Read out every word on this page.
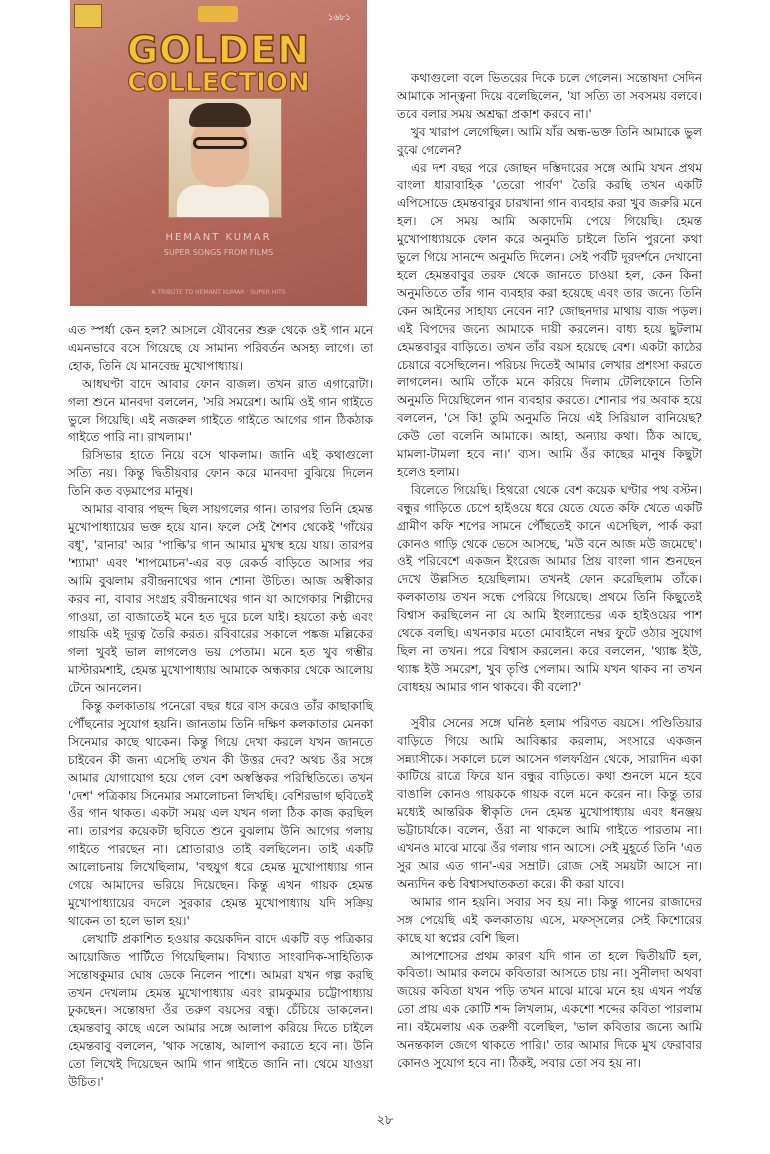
১৬৮১
GOLDEN
COLLECTION
HEMANT KUMAR
SUPER SONGS FROM FILMS
A TRIBUTE TO HEMANT KUMAR · SUPER HITS

এত স্পর্ধা কেন হল? আসলে যৌবনের শুরু থেকে ওই গান মনে এমনভাবে বসে গিয়েছে যে সামান্য পরিবর্তন অসহ্য লাগে। তা হোক, তিনি যে মানবেন্দ্র মুখোপাধ্যায়।

আধঘণ্টা বাদে আবার ফোন বাজল। তখন রাত এগারোটা। গলা শুনে মানবদা বললেন, 'সরি সমরেশ। আমি ওই গান গাইতে ভুলে গিয়েছি। এই নজরুল গাইতে গাইতে আগের গান ঠিকঠাক গাইতে পারি না। রাখলাম।'

রিসিভার হাতে নিয়ে বসে থাকলাম। জানি এই কথাগুলো সত্যি নয়। কিন্তু দ্বিতীয়বার ফোন করে মানবদা বুঝিয়ে দিলেন তিনি কত বড়মাপের মানুষ।

আমার বাবার পছন্দ ছিল সায়গলের গান। তারপর তিনি হেমন্ত মুখোপাধ্যায়ের ভক্ত হয়ে যান। ফলে সেই শৈশব থেকেই 'গাঁয়ের বধূ', 'রানার' আর 'পাল্কি'র গান আমার মুখস্থ হয়ে যায়। তারপর 'শ্যামা' এবং 'শাপমোচন'-এর বড় রেকর্ড বাড়িতে আসার পর আমি বুঝলাম রবীন্দ্রনাথের গান শোনা উচিত। আজ অস্বীকার করব না, বাবার সংগ্রহ রবীন্দ্রনাথের গান যা আগেকার শিল্পীদের গাওয়া, তা বাজাতেই মনে হত দূরে চলে যাই। হয়তো কণ্ঠ এবং গায়কি এই দূরত্ব তৈরি করত। রবিবারের সকালে পঙ্কজ মল্লিকের গলা খুবই ভাল লাগলেও ভয় পেতাম। মনে হত খুব গম্ভীর মাস্টারমশাই, হেমন্ত মুখোপাধ্যায় আমাকে অন্ধকার থেকে আলোয় টেনে আনলেন।

কিন্তু কলকাতায় পনেরো বছর ধরে বাস করেও তাঁর কাছাকাছি পৌঁছনোর সুযোগ হয়নি। জানতাম তিনি দক্ষিণ কলকাতার মেনকা সিনেমার কাছে থাকেন। কিন্তু গিয়ে দেখা করলে যখন জানতে চাইবেন কী জন্য এসেছি তখন কী উত্তর দেব? অথচ ওঁর সঙ্গে আমার যোগাযোগ হয়ে গেল বেশ অস্বস্তিকর পরিস্থিতিতে। তখন 'দেশ' পত্রিকায় সিনেমার সমালোচনা লিখছি। বেশিরভাগ ছবিতেই ওঁর গান থাকত। একটা সময় এল যখন গলা ঠিক কাজ করছিল না। তারপর কয়েকটা ছবিতে শুনে বুঝলাম উনি আগের গলায় গাইতে পারছেন না। শ্রোতারাও তাই বলছিলেন। তাই একটি আলোচনায় লিখেছিলাম, 'বহুযুগ ধরে হেমন্ত মুখোপাধ্যায় গান গেয়ে আমাদের ভরিয়ে দিয়েছেন। কিন্তু এখন গায়ক হেমন্ত মুখোপাধ্যায়ের বদলে সুরকার হেমন্ত মুখোপাধ্যায় যদি সক্রিয় থাকেন তা হলে ভাল হয়।'

লেখাটি প্রকাশিত হওয়ার কয়েকদিন বাদে একটি বড় পত্রিকার আয়োজিত পার্টিতে গিয়েছিলাম। বিখ্যাত সাংবাদিক-সাহিত্যিক সন্তোষকুমার ঘোষ ডেকে নিলেন পাশে। আমরা যখন গল্প করছি তখন দেখলাম হেমন্ত মুখোপাধ্যায় এবং রামকুমার চট্টোপাধ্যায় ঢুকছেন। সন্তোষদা ওঁর তরুণ বয়সের বন্ধু। চেঁচিয়ে ডাকলেন। হেমন্তবাবু কাছে এলে আমার সঙ্গে আলাপ করিয়ে দিতে চাইলে হেমন্তবাবু বললেন, 'থাক সন্তোষ, আলাপ করাতে হবে না। উনি তো লিখেই দিয়েছেন আমি গান গাইতে জানি না। থেমে যাওয়া উচিত।'

কথাগুলো বলে ভিতরের দিকে চলে গেলেন। সন্তোষদা সেদিন আমাকে সান্ত্বনা দিয়ে বলেছিলেন, 'যা সত্যি তা সবসময় বলবে। তবে বলার সময় অশ্রদ্ধা প্রকাশ করবে না।'

খুব খারাপ লেগেছিল। আমি যাঁর অন্ধ-ভক্ত তিনি আমাকে ভুল বুঝে গেলেন?

এর দশ বছর পরে জোছন দস্তিদারের সঙ্গে আমি যখন প্রথম বাংলা ধারাবাহিক 'তেরো পার্বণ' তৈরি করছি তখন একটি এপিসোডে হেমন্তবাবুর চারখানা গান ব্যবহার করা খুব জরুরি মনে হল। সে সময় আমি অকাদেমি পেয়ে গিয়েছি। হেমন্ত মুখোপাধ্যায়কে ফোন করে অনুমতি চাইলে তিনি পুরনো কথা ভুলে গিয়ে সানন্দে অনুমতি দিলেন। সেই পর্বটি দূরদর্শনে দেখানো হলে হেমন্তবাবুর তরফ থেকে জানতে চাওয়া হল, কেন কিনা অনুমতিতে তাঁর গান ব্যবহার করা হয়েছে এবং তার জন্যে তিনি কেন আইনের সাহায্য নেবেন না? জোছনদার মাথায় বাজ পড়ল। এই বিপদের জন্যে আমাকে দায়ী করলেন। বাধ্য হয়ে ছুটলাম হেমন্তবাবুর বাড়িতে। তখন তাঁর বয়স হয়েছে বেশ। একটা কাঠের চেয়ারে বসেছিলেন। পরিচয় দিতেই আমার লেখার প্রশংসা করতে লাগলেন। আমি তাঁকে মনে করিয়ে দিলাম টেলিফোনে তিনি অনুমতি দিয়েছিলেন গান ব্যবহার করতে। শোনার পর অবাক হয়ে বললেন, 'সে কি! তুমি অনুমতি নিয়ে এই সিরিয়াল বানিয়েছ? কেউ তো বলেনি আমাকে। আহা, অন্যায় কথা। ঠিক আছে, মামলা-টামলা হবে না।' ব্যস। আমি ওঁর কাছের মানুষ কিছুটা হলেও হলাম।

বিলেতে গিয়েছি। হিথরো থেকে বেশ কয়েক ঘণ্টার পথ বস্টন। বন্ধুর গাড়িতে চেপে হাইওয়ে ধরে যেতে যেতে কফি খেতে একটি গ্রামীণ কফি শপের সামনে পৌঁছতেই কানে এসেছিল, পার্ক করা কোনও গাড়ি থেকে ভেসে আসছে, 'মউ বনে আজ মউ জমেছে'। ওই পরিবেশে একজন ইংরেজ আমার প্রিয় বাংলা গান শুনছেন দেখে উল্লসিত হয়েছিলাম। তখনই ফোন করেছিলাম তাঁকে। কলকাতায় তখন সন্ধে পেরিয়ে গিয়েছে। প্রথমে তিনি কিছুতেই বিশ্বাস করছিলেন না যে আমি ইংল্যান্ডের এক হাইওয়ের পাশ থেকে বলছি। এখনকার মতো মোবাইলে নম্বর ফুটে ওঠার সুযোগ ছিল না তখন। পরে বিশ্বাস করলেন। করে বললেন, 'থ্যাঙ্ক ইউ, থ্যাঙ্ক ইউ সমরেশ, খুব তৃপ্তি পেলাম। আমি যখন থাকব না তখন বোধহয় আমার গান থাকবে। কী বলো?'

সুবীর সেনের সঙ্গে ঘনিষ্ঠ হলাম পরিণত বয়সে। পণ্ডিতিয়ার বাড়িতে গিয়ে আমি আবিষ্কার করলাম, সংসারে একজন সন্ন্যাসীকে। সকালে চলে আসেন গলফগ্রিন থেকে, সারাদিন একা কাটিয়ে রাত্রে ফিরে যান বন্ধুর বাড়িতে। কথা শুনলে মনে হবে বাঙালি কোনও গায়ককে গায়ক বলে মনে করেন না। কিন্তু তার মধ্যেই আন্তরিক স্বীকৃতি দেন হেমন্ত মুখোপাধ্যায় এবং ধনঞ্জয় ভট্টাচার্যকে। বলেন, ওঁরা না থাকলে আমি গাইতে পারতাম না। এখনও মাঝে মাঝে ওঁর গলায় গান আসে। সেই মুহূর্তে তিনি 'এত সুর আর এত গান'-এর সম্রাট। রোজ সেই সময়টা আসে না। অন্যদিন কণ্ঠ বিশ্বাসঘাতকতা করে। কী করা যাবে।

আমার গান হয়নি। সবার সব হয় না। কিন্তু গানের রাজাদের সঙ্গ পেয়েছি এই কলকাতায় এসে, মফস্সলের সেই কিশোরের কাছে যা স্বপ্নের বেশি ছিল।

আপশোসের প্রথম কারণ যদি গান তা হলে দ্বিতীয়টি হল, কবিতা। আমার কলমে কবিতারা আসতে চায় না। সুনীলদা অথবা জয়ের কবিতা যখন পড়ি তখন মাঝে মাঝে মনে হয় এখন পর্যন্ত তো প্রায় এক কোটি শব্দ লিখলাম, একশো শব্দের কবিতা পারলাম না। বইমেলায় এক তরুণী বলেছিল, 'ভাল কবিতার জন্যে আমি অনন্তকাল জেগে থাকতে পারি।' তার আমার দিকে মুখ ফেরাবার কোনও সুযোগ হবে না। ঠিকই, সবার তো সব হয় না।

২৮
